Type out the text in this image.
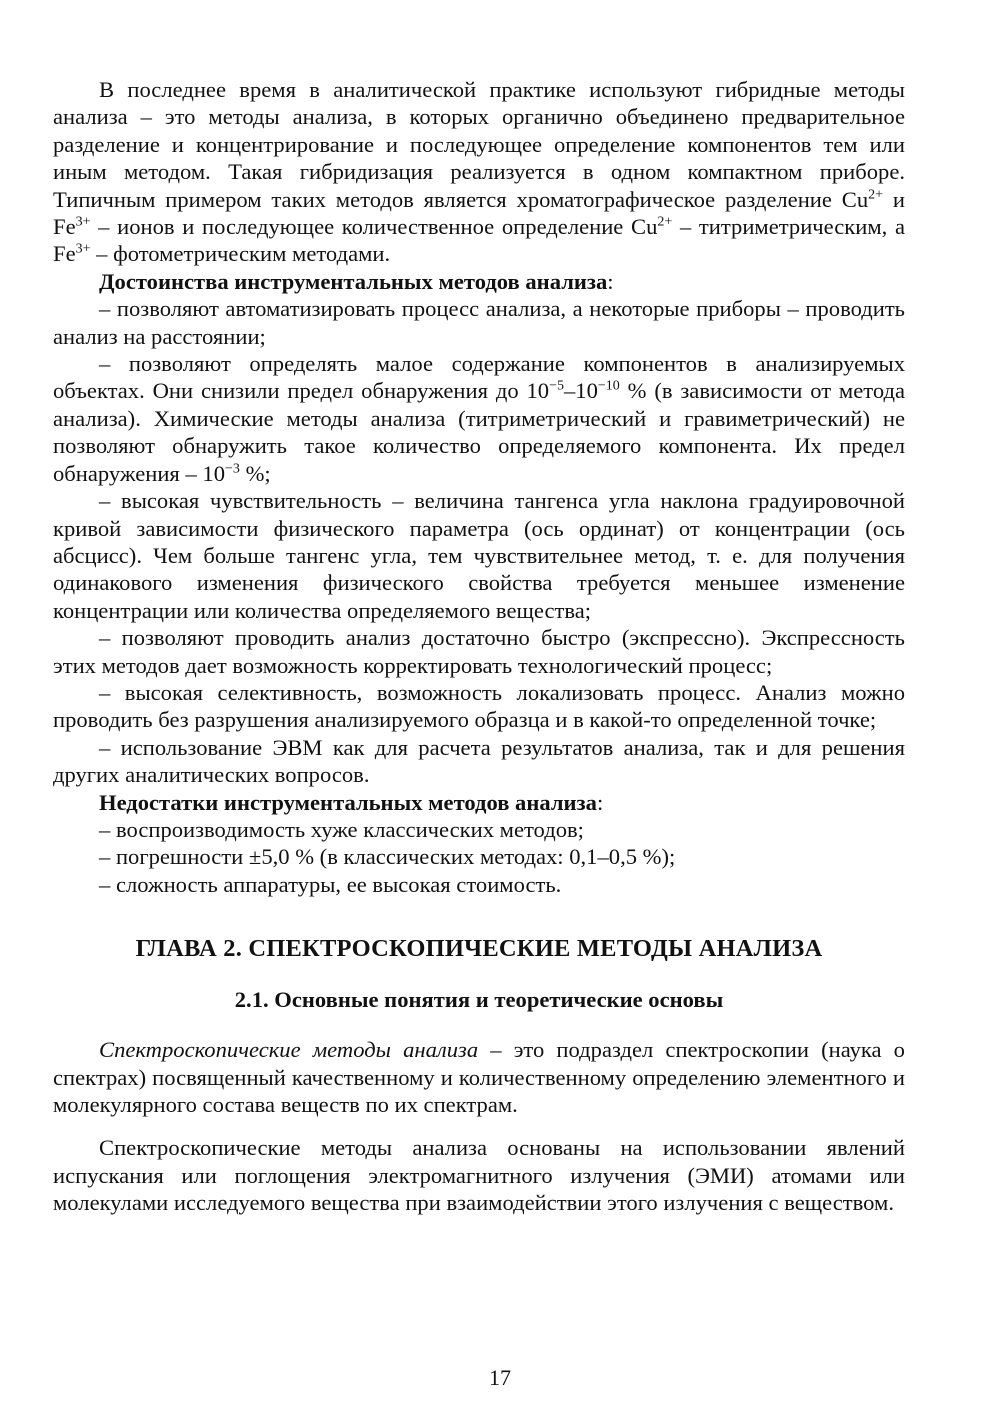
В последнее время в аналитической практике используют гибридные методы анализа – это методы анализа, в которых органично объединено предварительное разделение и концентрирование и последующее определение компонентов тем или иным методом. Такая гибридизация реализуется в одном компактном приборе. Типичным примером таких методов является хроматографическое разделение $Cu^{2+}$ и $Fe^{3+}$ – ионов и последующее количественное определение $Cu^{2+}$ – титриметрическим, а $Fe^{3+}$ – фотометрическим методами.

Достоинства инструментальных методов анализа:

– позволяют автоматизировать процесс анализа, а некоторые приборы – проводить анализ на расстоянии;

– позволяют определять малое содержание компонентов в анализируемых объектах. Они снизили предел обнаружения до $10^{-5}-10^{-10}$ % (в зависимости от метода анализа). Химические методы анализа (титриметрический и гравиметрический) не позволяют обнаружить такое количество определяемого компонента. Их предел обнаружения – $10^{-3}$ %;

– высокая чувствительность – величина тангенса угла наклона градуировочной кривой зависимости физического параметра (ось ординат) от концентрации (ось абсцисс). Чем больше тангенс угла, тем чувствительнее метод, т. е. для получения одинакового изменения физического свойства требуется меньшее изменение концентрации или количества определяемого вещества;

– позволяют проводить анализ достаточно быстро (экспрессно). Экспрессность этих методов дает возможность корректировать технологический процесс;

– высокая селективность, возможность локализовать процесс. Анализ можно проводить без разрушения анализируемого образца и в какой-то определенной точке;

– использование ЭВМ как для расчета результатов анализа, так и для решения других аналитических вопросов.

Недостатки инструментальных методов анализа:

– воспроизводимость хуже классических методов;

– погрешности ±5,0 % (в классических методах: 0,1–0,5 %);

– сложность аппаратуры, ее высокая стоимость.

ГЛАВА 2. СПЕКТРОСКОПИЧЕСКИЕ МЕТОДЫ АНАЛИЗА
2.1. Основные понятия и теоретические основы

Спектроскопические методы анализа – это подраздел спектроскопии (наука о спектрах) посвященный качественному и количественному определению элементного и молекулярного состава веществ по их спектрам.

Спектроскопические методы анализа основаны на использовании явлений испускания или поглощения электромагнитного излучения (ЭМИ) атомами или молекулами исследуемого вещества при взаимодействии этого излучения с веществом.

17
